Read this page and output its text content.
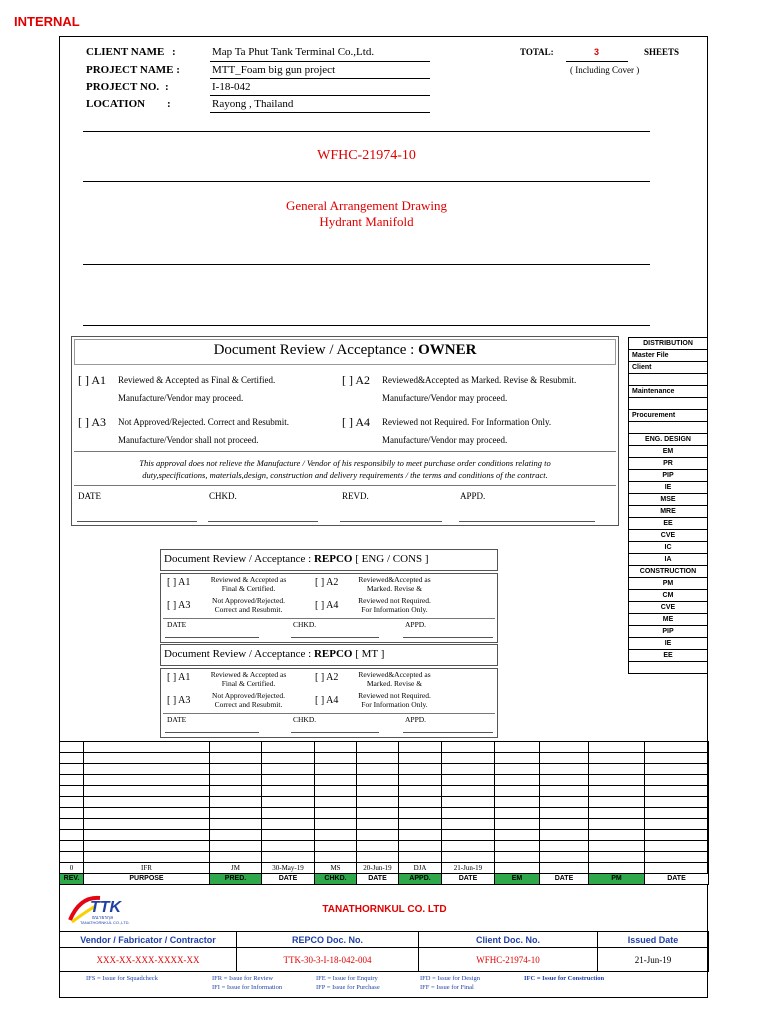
INTERNAL
CLIENT NAME :	Map Ta Phut Tank Terminal Co.,Ltd.
PROJECT NAME :	MTT_Foam big gun project
PROJECT NO. :	I-18-042
LOCATION :	Rayong , Thailand
TOTAL:	3	SHEETS
( Including Cover )
WFHC-21974-10
General Arrangement Drawing
Hydrant Manifold
Document Review / Acceptance : OWNER
[ ] A1 Reviewed & Accepted as Final & Certified.
Manufacture/Vendor may proceed.
[ ] A2 Reviewed&Accepted as Marked. Revise & Resubmit.
Manufacture/Vendor may proceed.
[ ] A3 Not Approved/Rejected. Correct and Resubmit.
Manufacture/Vendor shall not proceed.
[ ] A4 Reviewed not Required. For Information Only.
Manufacture/Vendor may proceed.
This approval does not relieve the Manufacture / Vendor of his responsibily to meet purchase order conditions relating to
duty,specifications, materials,design, construction and delivery requirements / the terms and conditions of the contract.
DATE	CHKD.	REVD.	APPD.
Document Review / Acceptance : REPCO [ ENG / CONS ]
[ ] A1	Reviewed & Accepted as
Final & Certified.
[ ] A2	Reviewed&Accepted as
Marked. Revise &
[ ] A3	Not Approved/Rejected.
Correct and Resubmit.	[ ] A4	Reviewed not Required.
For Information Only.
DATE	CHKD.	APPD.
Document Review / Acceptance : REPCO [ MT ]
[ ] A1	Reviewed & Accepted as
Final & Certified.
[ ] A2	Reviewed&Accepted as
Marked. Revise &
[ ] A3	Not Approved/Rejected.
Correct and Resubmit.	[ ] A4	Reviewed not Required.
For Information Only.
DATE	CHKD.	APPD.
DISTRIBUTION
Master File
Client

Maintenance

Procurement

ENG. DESIGN
EM
PR
PIP
IE
MSE
MRE
EE
CVE
IC
IA
CONSTRUCTION
PM
CM
CVE
ME
PIP
IE
EE

0	IFR	JM	30-May-19	MS	20-Jun-19	DJA	21-Jun-19				
REV.	PURPOSE	PRED.	DATE	CHKD.	DATE	APPD.	DATE	EM	DATE	PM	DATE
TTK
ธนาธรกุล
TANATHORNKUL CO.,LTD.
TANATHORNKUL CO. LTD
Vendor / Fabricator / Contractor	REPCO Doc. No.	Client Doc. No.	Issued Date
XXX-XX-XXX-XXXX-XX	TTK-30-3-I-18-042-004	WFHC-21974-10	21-Jun-19
IFS = Issue for Squadcheck	IFR = Issue for Review
IFI = Issue for Information
IFE = Issue for Enquiry
IFP = Issue for Purchase
IFD = Issue for Design
IFF = Issue for Final
IFC = Issue for Construction
